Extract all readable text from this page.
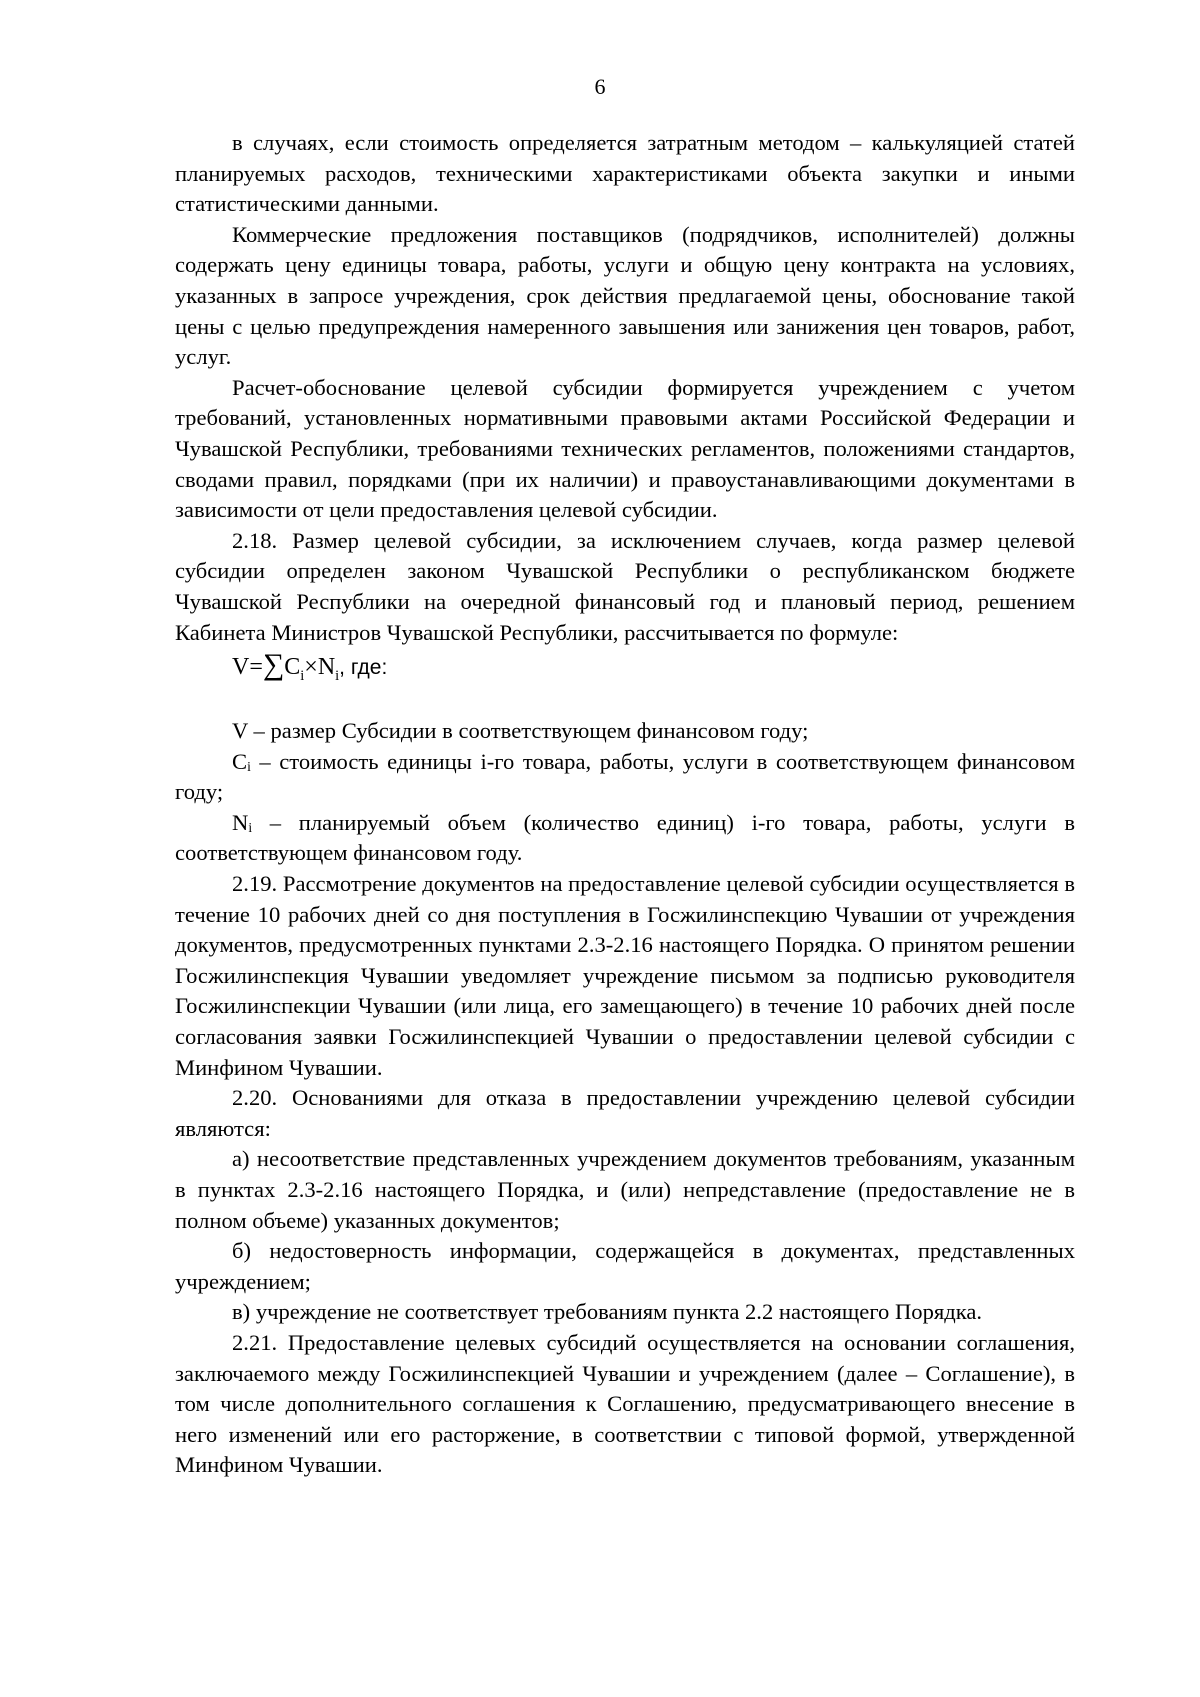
6

в случаях, если стоимость определяется затратным методом – калькуляцией статей планируемых расходов, техническими характеристиками объекта закупки и иными статистическими данными.

Коммерческие предложения поставщиков (подрядчиков, исполнителей) должны содержать цену единицы товара, работы, услуги и общую цену контракта на условиях, указанных в запросе учреждения, срок действия предлагаемой цены, обоснование такой цены с целью предупреждения намеренного завышения или занижения цен товаров, работ, услуг.

Расчет-обоснование целевой субсидии формируется учреждением с учетом требований, установленных нормативными правовыми актами Российской Федерации и Чувашской Республики, требованиями технических регламентов, положениями стандартов, сводами правил, порядками (при их наличии) и правоустанавливающими документами в зависимости от цели предоставления целевой субсидии.

2.18. Размер целевой субсидии, за исключением случаев, когда размер целевой субсидии определен законом Чувашской Республики о республиканском бюджете Чувашской Республики на очередной финансовый год и плановый период, решением Кабинета Министров Чувашской Республики, рассчитывается по формуле:

$V=\sum C_i\times N_i$, где:

V – размер Субсидии в соответствующем финансовом году;

Cᵢ – стоимость единицы i-го товара, работы, услуги в соответствующем финансовом году;

Nᵢ – планируемый объем (количество единиц) i-го товара, работы, услуги в соответствующем финансовом году.

2.19. Рассмотрение документов на предоставление целевой субсидии осуществляется в течение 10 рабочих дней со дня поступления в Госжилинспекцию Чувашии от учреждения документов, предусмотренных пунктами 2.3-2.16 настоящего Порядка. О принятом решении Госжилинспекция Чувашии уведомляет учреждение письмом за подписью руководителя Госжилинспекции Чувашии (или лица, его замещающего) в течение 10 рабочих дней после согласования заявки Госжилинспекцией Чувашии о предоставлении целевой субсидии с Минфином Чувашии.

2.20. Основаниями для отказа в предоставлении учреждению целевой субсидии являются:

а) несоответствие представленных учреждением документов требованиям, указанным в пунктах 2.3-2.16 настоящего Порядка, и (или) непредставление (предоставление не в полном объеме) указанных документов;

б) недостоверность информации, содержащейся в документах, представленных учреждением;

в) учреждение не соответствует требованиям пункта 2.2 настоящего Порядка.

2.21. Предоставление целевых субсидий осуществляется на основании соглашения, заключаемого между Госжилинспекцией Чувашии и учреждением (далее – Соглашение), в том числе дополнительного соглашения к Соглашению, предусматривающего внесение в него изменений или его расторжение, в соответствии с типовой формой, утвержденной Минфином Чувашии.
